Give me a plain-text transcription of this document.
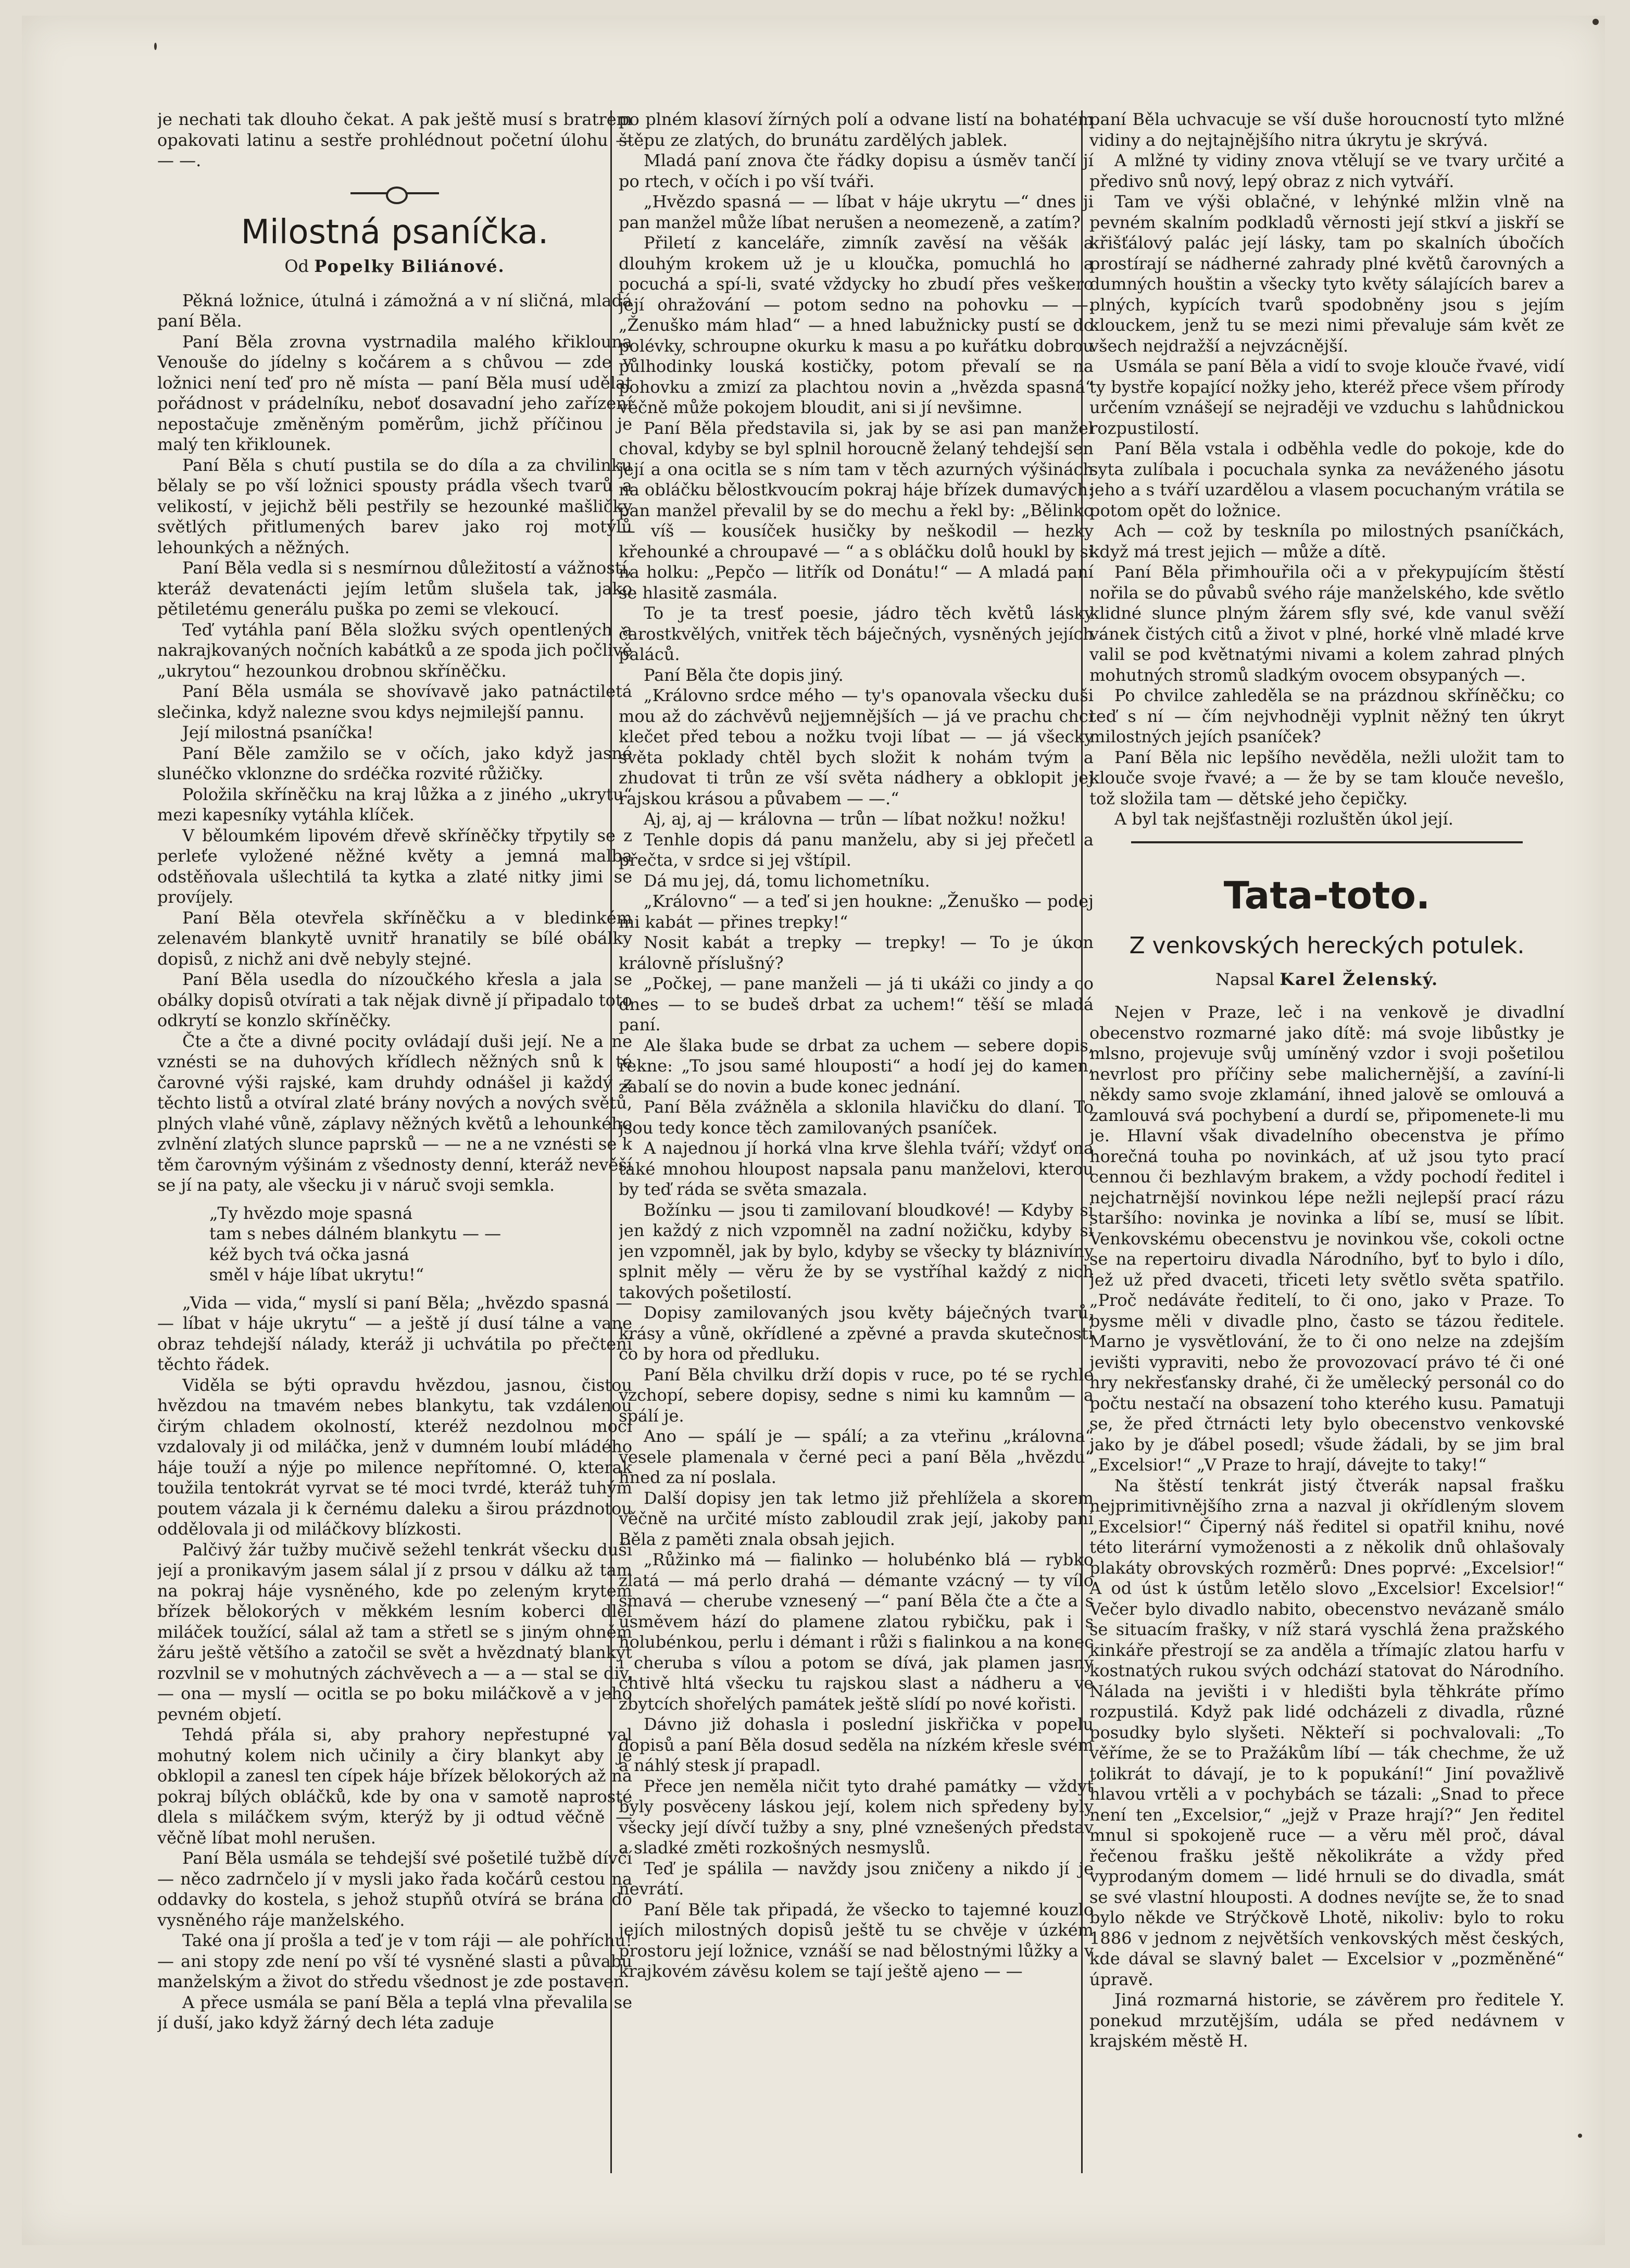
je nechati tak dlouho čekat. A pak ještě musí s bratrem opakovati latinu a sestře prohlédnout početní úlohu — — —.

Milostná psaníčka.
Od Popelky Biliánové.

Pěkná ložnice, útulná i zámožná a v ní sličná, mladá paní Běla.

Paní Běla zrovna vystrnadila malého křiklouna Venouše do jídelny s kočárem a s chůvou — zde v ložnici není teď pro ně místa — paní Běla musí udělat pořádnost v prádelníku, neboť dosavadní jeho zařízení nepostačuje změněným poměrům, jichž příčinou je malý ten křiklounek.

Paní Běla s chutí pustila se do díla a za chvilinku bělaly se po vší ložnici spousty prádla všech tvarů a velikostí, v jejichž běli pestřily se hezounké mašličky světlých přitlumených barev jako roj motýlů lehounkých a něžných.

Paní Běla vedla si s nesmírnou důležitostí a vážností, kteráž devatenácti jejím letům slušela tak, jako pětiletému generálu puška po zemi se vlekoucí.

Teď vytáhla paní Běla složku svých opentlených a nakrajkovaných nočních kabátků a ze spoda jich počlivě „ukrytou“ hezounkou drobnou skříněčku.

Paní Běla usmála se shovívavě jako patnáctiletá slečinka, když nalezne svou kdys nejmilejší pannu.

Její milostná psaníčka!

Paní Běle zamžilo se v očích, jako když jasné slunéčko vklonzne do srdéčka rozvité růžičky.

Položila skříněčku na kraj lůžka a z jiného „ukrytu“ mezi kapesníky vytáhla klíček.

V běloumkém lipovém dřevě skříněčky třpytily se z perleťe vyložené něžné květy a jemná malba odstěňovala ušlechtilá ta kytka a zlaté nitky jimi se províjely.

Paní Běla otevřela skříněčku a v bledinkém zelenavém blankytě uvnitř hranatily se bílé obálky dopisů, z nichž ani dvě nebyly stejné.

Paní Běla usedla do nízoučkého křesla a jala se obálky dopisů otvírati a tak nějak divně jí připadalo toto odkrytí se konzlo skříněčky.

Čte a čte a divné pocity ovládají duši její. Ne a ne vznésti se na duhových křídlech něžných snů k té čarovné výši rajské, kam druhdy odnášel ji každý z těchto listů a otvíral zlaté brány nových a nových světů, plných vlahé vůně, záplavy něžných květů a lehounkého zvlnění zlatých slunce paprsků — — ne a ne vznésti se k těm čarovným výšinám z všednosty denní, kteráž nevěší se jí na paty, ale všecku ji v náruč svoji semkla.

„Ty hvězdo moje spasná
tam s nebes dálném blankytu — —
kéž bych tvá očka jasná
směl v háje líbat ukrytu!“

„Vida — vida,“ myslí si paní Běla; „hvězdo spasná — — líbat v háje ukrytu“ — a ještě jí dusí tálne a vane obraz tehdejší nálady, kteráž ji uchvátila po přečtení těchto řádek.

Viděla se býti opravdu hvězdou, jasnou, čistou hvězdou na tmavém nebes blankytu, tak vzdálenou čirým chladem okolností, kteréž nezdolnou mocí vzdalovaly ji od miláčka, jenž v dumném loubí mládého háje touží a nýje po milence nepřítomné. O, kterak toužila tentokrát vyrvat se té moci tvrdé, kteráž tuhým poutem vázala ji k černému daleku a širou prázdnotou oddělovala ji od miláčkovy blízkosti.

Palčivý žár tužby mučivě sežehl tenkrát všecku duši její a pronikavým jasem sálal jí z prsou v dálku až tam na pokraj háje vysněného, kde po zeleným krytem břízek bělokorých v měkkém lesním koberci dlel miláček toužící, sálal až tam a střetl se s jiným ohněm žáru ještě většího a zatočil se svět a hvězdnatý blankyt rozvlnil se v mohutných záchvěvech a — a — stal se div, — ona — myslí — ocitla se po boku miláčkově a v jeho pevném objetí.

Tehdá přála si, aby prahory nepřestupné val mohutný kolem nich učinily a čiry blankyt aby je obklopil a zanesl ten cípek háje břízek bělokorých až na pokraj bílých obláčků, kde by ona v samotě naprosté dlela s miláčkem svým, kterýž by ji odtud věčně — věčně líbat mohl nerušen.

Paní Běla usmála se tehdejší své pošetilé tužbě dívčí — něco zadrnčelo jí v mysli jako řada kočárů cestou na oddavky do kostela, s jehož stupňů otvírá se brána do vysněného ráje manželského.

Také ona jí prošla a teď je v tom ráji — ale pohříchu! — ani stopy zde není po vší té vysněné slasti a půvabu manželským a život do středu všednost je zde postaven.

A přece usmála se paní Běla a teplá vlna převalila se jí duší, jako když žárný dech léta zaduje

po plném klasoví žírných polí a odvane listí na bohatém štěpu ze zlatých, do brunátu zardělých jablek.

Mladá paní znova čte řádky dopisu a úsměv tančí jí po rtech, v očích i po vší tváři.

„Hvězdo spasná — — líbat v háje ukrytu —“ dnes ji pan manžel může líbat nerušen a neomezeně, a zatím?

Přiletí z kanceláře, zimník zavěsí na věšák a dlouhým krokem už je u kloučka, pomuchlá ho a pocuchá a spí-li, svaté vždycky ho zbudí přes veškero její ohražování — potom sedno na pohovku — —. „Ženuško mám hlad“ — a hned labužnicky pustí se do polévky, schroupne okurku k masu a po kuřátku dobrou půlhodinky louská kostičky, potom převalí se na pohovku a zmizí za plachtou novin a „hvězda spasná“ věčně může pokojem bloudit, ani si jí nevšimne.

Paní Běla představila si, jak by se asi pan manžel choval, kdyby se byl splnil horoucně želaný tehdejší sen její a ona ocitla se s ním tam v těch azurných výšinách na obláčku bělostkvoucím pokraj háje břízek dumavých: pan manžel převalil by se do mechu a řekl by: „Bělinko — víš — kousíček husičky by neškodil — hezky křehounké a chroupavé — “ a s obláčku dolů houkl by si na holku: „Pepčo — litřík od Donátu!“ — A mladá paní se hlasitě zasmála.

To je ta tresť poesie, jádro těch květů lásky čarostkvělých, vnitřek těch báječných, vysněných jejích paláců.

Paní Běla čte dopis jiný.

„Královno srdce mého — ty's opanovala všecku duši mou až do záchvěvů nejjemnějších — já ve prachu chci klečet před tebou a nožku tvoji líbat — — já všecky světa poklady chtěl bych složit k nohám tvým a zhudovat ti trůn ze vší světa nádhery a obklopit jej rajskou krásou a půvabem — —.“

Aj, aj, aj — královna — trůn — líbat nožku! nožku!

Tenhle dopis dá panu manželu, aby si jej přečetl a přečta, v srdce si jej vštípil.

Dá mu jej, dá, tomu lichometníku.

„Královno“ — a teď si jen houkne: „Ženuško — podej mi kabát — přines trepky!“

Nosit kabát a trepky — trepky! — To je úkon královně příslušný?

„Počkej, — pane manželi — já ti ukáži co jindy a co dnes — to se budeš drbat za uchem!“ těší se mladá paní.

Ale šlaka bude se drbat za uchem — sebere dopis, řekne: „To jsou samé hlouposti“ a hodí jej do kamen, zabalí se do novin a bude konec jednání.

Paní Běla zvážněla a sklonila hlavičku do dlaní. To jsou tedy konce těch zamilovaných psaníček.

A najednou jí horká vlna krve šlehla tváří; vždyť ona také mnohou hloupost napsala panu manželovi, kterou by teď ráda se světa smazala.

Božínku — jsou ti zamilovaní bloudkové! — Kdyby si jen každý z nich vzpomněl na zadní nožičku, kdyby si jen vzpomněl, jak by bylo, kdyby se všecky ty bláznivíny splnit měly — věru že by se vystříhal každý z nich takových pošetilostí.

Dopisy zamilovaných jsou květy báječných tvarů, krásy a vůně, okřídlené a zpěvné a pravda skutečnosti co by hora od předluku.

Paní Běla chvilku drží dopis v ruce, po té se rychle vzchopí, sebere dopisy, sedne s nimi ku kamnům — a spálí je.

Ano — spálí je — spálí; a za vteřinu „královna“ vesele plamenala v černé peci a paní Běla „hvězdu“ hned za ní poslala.

Další dopisy jen tak letmo již přehlížela a skorem věčně na určité místo zabloudil zrak její, jakoby paní Běla z paměti znala obsah jejich.

„Růžinko má — fialinko — holubénko blá — rybko zlatá — má perlo drahá — démante vzácný — ty vílo smavá — cherube vznesený —“ paní Běla čte a čte a s úsměvem hází do plamene zlatou rybičku, pak i s holubénkou, perlu i démant i růži s fialinkou a na konec i cheruba s vílou a potom se dívá, jak plamen jasný chtivě hltá všecku tu rajskou slast a nádheru a ve zbytcích shořelých památek ještě slídí po nové kořisti.

Dávno již dohasla i poslední jiskřička v popelu dopisů a paní Běla dosud seděla na nízkém křesle svém a náhlý stesk jí prapadl.

Přece jen neměla ničit tyto drahé památky — vždyť byly posvěceny láskou její, kolem nich spředeny byly všecky její dívčí tužby a sny, plné vznešených představ a sladké změti rozkošných nesmyslů.

Teď je spálila — navždy jsou zničeny a nikdo jí je nevrátí.

Paní Běle tak připadá, že všecko to tajemné kouzlo jejích milostných dopisů ještě tu se chvěje v úzkém prostoru její ložnice, vznáší se nad bělostnými lůžky a v krajkovém závěsu kolem se tají ještě ajeno — —

paní Běla uchvacuje se vší duše horoucností tyto mlžné vidiny a do nejtajnějšího nitra úkrytu je skrývá.

A mlžné ty vidiny znova vtělují se ve tvary určité a předivo snů nový, lepý obraz z nich vytváří.

Tam ve výši oblačné, v lehýnké mlžin vlně na pevném skalním podkladů věrnosti její stkví a jiskří se křišťálový palác její lásky, tam po skalních úbočích prostírají se nádherné zahrady plné květů čarovných a dumných houštin a všecky tyto květy sálajících barev a plných, kypících tvarů spodobněny jsou s jejím klouckem, jenž tu se mezi nimi převaluje sám květ ze všech nejdražší a nejvzácnější.

Usmála se paní Běla a vidí to svoje klouče řvavé, vidí ty bystře kopající nožky jeho, kteréž přece všem přírody určením vznášejí se nejraději ve vzduchu s lahůdnickou rozpustilostí.

Paní Běla vstala i odběhla vedle do pokoje, kde do syta zulíbala i pocuchala synka za neváženého jásotu jeho a s tváří uzardělou a vlasem pocuchaným vrátila se potom opět do ložnice.

Ach — což by teskníla po milostných psaníčkách, když má trest jejich — může a dítě.

Paní Běla přimhouřila oči a v překypujícím štěstí nořila se do půvabů svého ráje manželského, kde světlo klidné slunce plným žárem sfly své, kde vanul svěží vánek čistých citů a život v plné, horké vlně mladé krve valil se pod květnatými nivami a kolem zahrad plných mohutných stromů sladkým ovocem obsypaných —.

Po chvilce zahleděla se na prázdnou skříněčku; co teď s ní — čím nejvhodněji vyplnit něžný ten úkryt milostných jejích psaníček?

Paní Běla nic lepšího nevěděla, nežli uložit tam to klouče svoje řvavé; a — že by se tam klouče nevešlo, tož složila tam — dětské jeho čepičky.

A byl tak nejšťastněji rozluštěn úkol její.

Tata-toto.
Z venkovských hereckých potulek.
Napsal Karel Želenský.

Nejen v Praze, leč i na venkově je divadlní obecenstvo rozmarné jako dítě: má svoje libůstky je mlsno, projevuje svůj umíněný vzdor i svoji pošetilou nevrlost pro příčiny sebe malichernější, a zavíní-li někdy samo svoje zklamání, ihned jalově se omlouvá a zamlouvá svá pochybení a durdí se, připomenete-li mu je. Hlavní však divadelního obecenstva je přímo horečná touha po novinkách, ať už jsou tyto prací cennou či bezhlavým brakem, a vždy pochodí ředitel i nejchatrnější novinkou lépe nežli nejlepší prací rázu staršího: novinka je novinka a líbí se, musí se líbit. Venkovskému obecenstvu je novinkou vše, cokoli octne se na repertoiru divadla Národního, byť to bylo i dílo, jež už před dvaceti, třiceti lety světlo světa spatřilo. „Proč nedáváte ředitelí, to či ono, jako v Praze. To bysme měli v divadle plno, často se tázou ředitele. Marno je vysvětlování, že to či ono nelze na zdejším jevišti vypraviti, nebo že provozovací právo té či oné hry nekřesťansky drahé, či že umělecký personál co do počtu nestačí na obsazení toho kterého kusu. Pamatuji se, že před čtrnácti lety bylo obecenstvo venkovské jako by je ďábel posedl; všude žádali, by se jim bral „Excelsior!“ „V Praze to hrají, dávejte to taky!“

Na štěstí tenkrát jistý čtverák napsal frašku nejprimitivnějšího zrna a nazval ji okřídleným slovem „Excelsior!“ Čiperný náš ředitel si opatřil knihu, nové této literární vymoženosti a z několik dnů ohlašovaly plakáty obrovských rozměrů: Dnes poprvé: „Excelsior!“ A od úst k ústům letělo slovo „Excelsior! Excelsior!“ Večer bylo divadlo nabito, obecenstvo nevázaně smálo se situacím frašky, v níž stará vyschlá žena pražského kinkáře přestrojí se za anděla a třímajíc zlatou harfu v kostnatých rukou svých odchází statovat do Národního. Nálada na jevišti i v hledišti byla těhkráte přímo rozpustilá. Když pak lidé odcházeli z divadla, různé posudky bylo slyšeti. Někteří si pochvalovali: „To věříme, že se to Pražákům líbí — ták chechme, že už tolikrát to dávají, je to k popukání!“ Jiní považlivě hlavou vrtěli a v pochybách se tázali: „Snad to přece není ten „Excelsior,“ „jejž v Praze hrají?“ Jen ředitel mnul si spokojeně ruce — a věru měl proč, dával řečenou frašku ještě několikráte a vždy před vyprodaným domem — lidé hrnuli se do divadla, smát se své vlastní hlouposti. A dodnes nevíjte se, že to snad bylo někde ve Strýčkově Lhotě, nikoliv: bylo to roku 1886 v jednom z největších venkovských měst českých, kde dával se slavný balet — Excelsior v „pozměněné“ úpravě.

Jiná rozmarná historie, se závěrem pro ředitele Y. ponekud mrzutějším, udála se před nedávnem v krajském městě H.
